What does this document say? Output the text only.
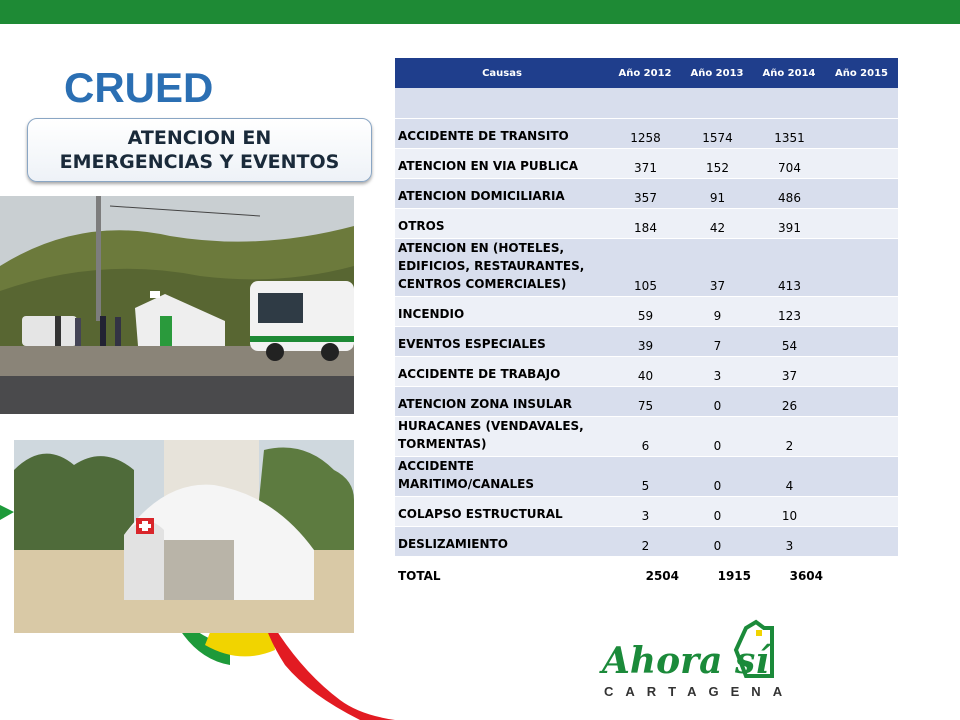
CRUED
ATENCION EN
EMERGENCIAS Y EVENTOS
Causas	Año 2012	Año 2013	Año 2014	Año 2015

ACCIDENTE DE TRANSITO	1258	1574	1351	
ATENCION EN VIA PUBLICA	371	152	704	
ATENCION DOMICILIARIA	357	91	486	
OTROS	184	42	391	
ATENCION EN (HOTELES, EDIFICIOS, RESTAURANTES, CENTROS COMERCIALES)	105	37	413	
INCENDIO	59	9	123	
EVENTOS ESPECIALES	39	7	54	
ACCIDENTE DE TRABAJO	40	3	37	
ATENCION ZONA INSULAR	75	0	26	
HURACANES (VENDAVALES, TORMENTAS)	6	0	2	
ACCIDENTE MARITIMO/CANALES	5	0	4	
COLAPSO ESTRUCTURAL	3	0	10	
DESLIZAMIENTO	2	0	3	
TOTAL	2504	1915	3604	
Ahora sí
CARTAGENA
